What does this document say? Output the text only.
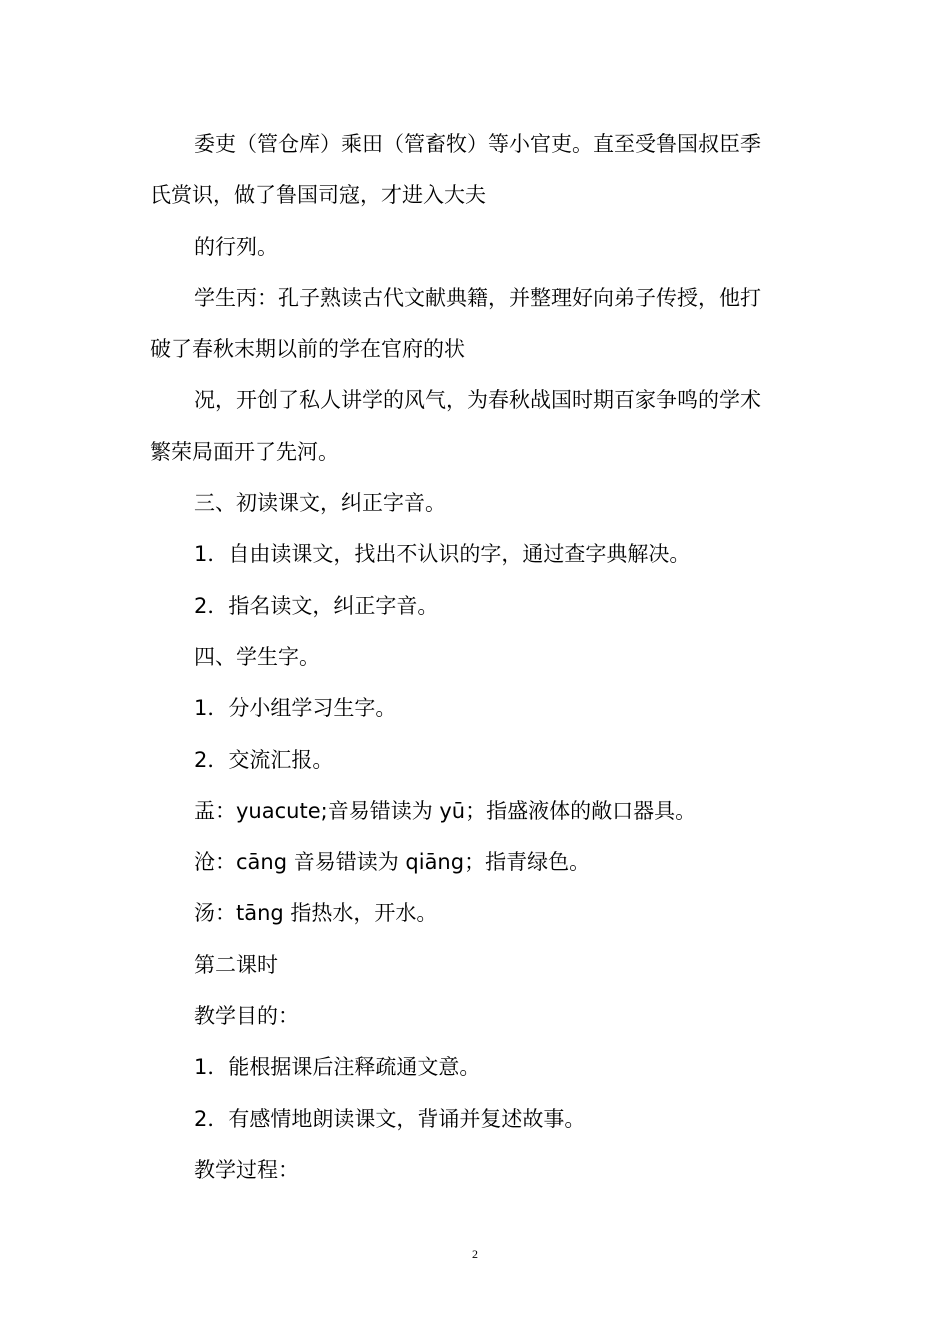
委吏（管仓库）乘田（管畜牧）等小官吏。直至受鲁国叔臣季

氏赏识，做了鲁国司寇，才进入大夫

的行列。

学生丙：孔子熟读古代文献典籍，并整理好向弟子传授，他打

破了春秋末期以前的学在官府的状

况，开创了私人讲学的风气，为春秋战国时期百家争鸣的学术

繁荣局面开了先河。

三、初读课文，纠正字音。

1．自由读课文，找出不认识的字，通过查字典解决。

2．指名读文，纠正字音。

四、学生字。

1．分小组学习生字。

2．交流汇报。

盂：yuacute;音易错读为 yū；指盛液体的敞口器具。

沧：cāng 音易错读为 qiāng；指青绿色。

汤：tāng 指热水，开水。

第二课时

教学目的：

1．能根据课后注释疏通文意。

2．有感情地朗读课文，背诵并复述故事。

教学过程：

2
